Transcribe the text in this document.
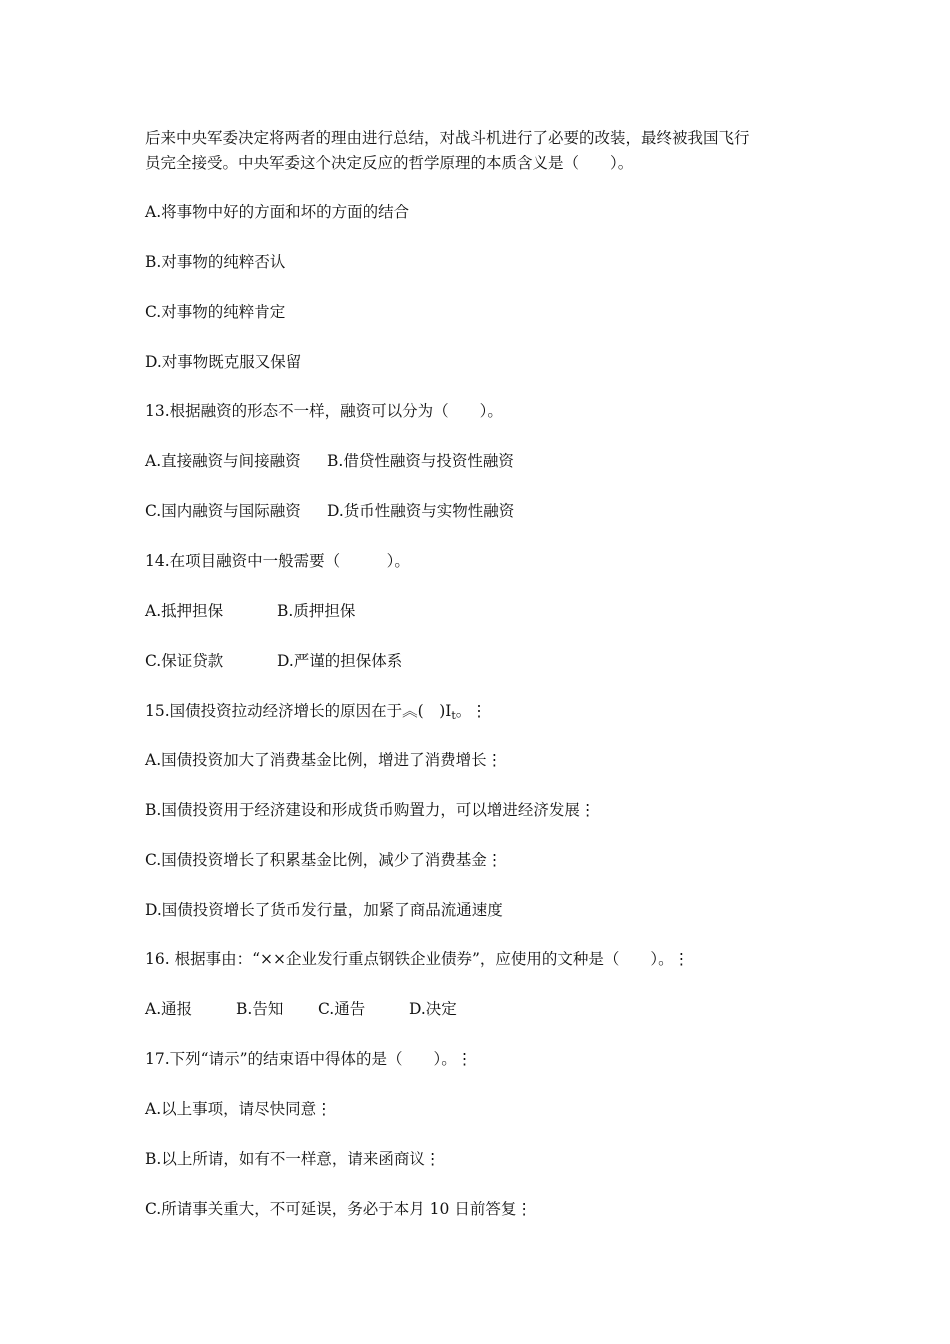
后来中央军委决定将两者的理由进行总结，对战斗机进行了必要的改装，最终被我国飞行
员完全接受。中央军委这个决定反应的哲学原理的本质含义是（　　）。
A.将事物中好的方面和坏的方面的结合
B.对事物的纯粹否认
C.对事物的纯粹肯定
D.对事物既克服又保留
13.根据融资的形态不一样，融资可以分为（　　）。
A.直接融资与间接融资 B.借贷性融资与投资性融资
C.国内融资与国际融资 D.货币性融资与实物性融资
14.在项目融资中一般需要（　　　）。
A.抵押担保	B.质押担保
C.保证贷款	D.严谨的担保体系
15.国债投资拉动经济增长的原因在于︽(　)$I_t$。⋮
A.国债投资加大了消费基金比例，增进了消费增长⋮
B.国债投资用于经济建设和形成货币购置力，可以增进经济发展⋮
C.国债投资增长了积累基金比例，减少了消费基金⋮
D.国债投资增长了货币发行量，加紧了商品流通速度
16. 根据事由：“××企业发行重点钢铁企业债券”，应使用的文种是（　　）。⋮
A.通报	B.告知 C.通告	D.决定
17.下列“请示”的结束语中得体的是（　　）。⋮
A.以上事项，请尽快同意⋮
B.以上所请，如有不一样意，请来函商议⋮
C.所请事关重大，不可延误，务必于本月 10 日前答复⋮
